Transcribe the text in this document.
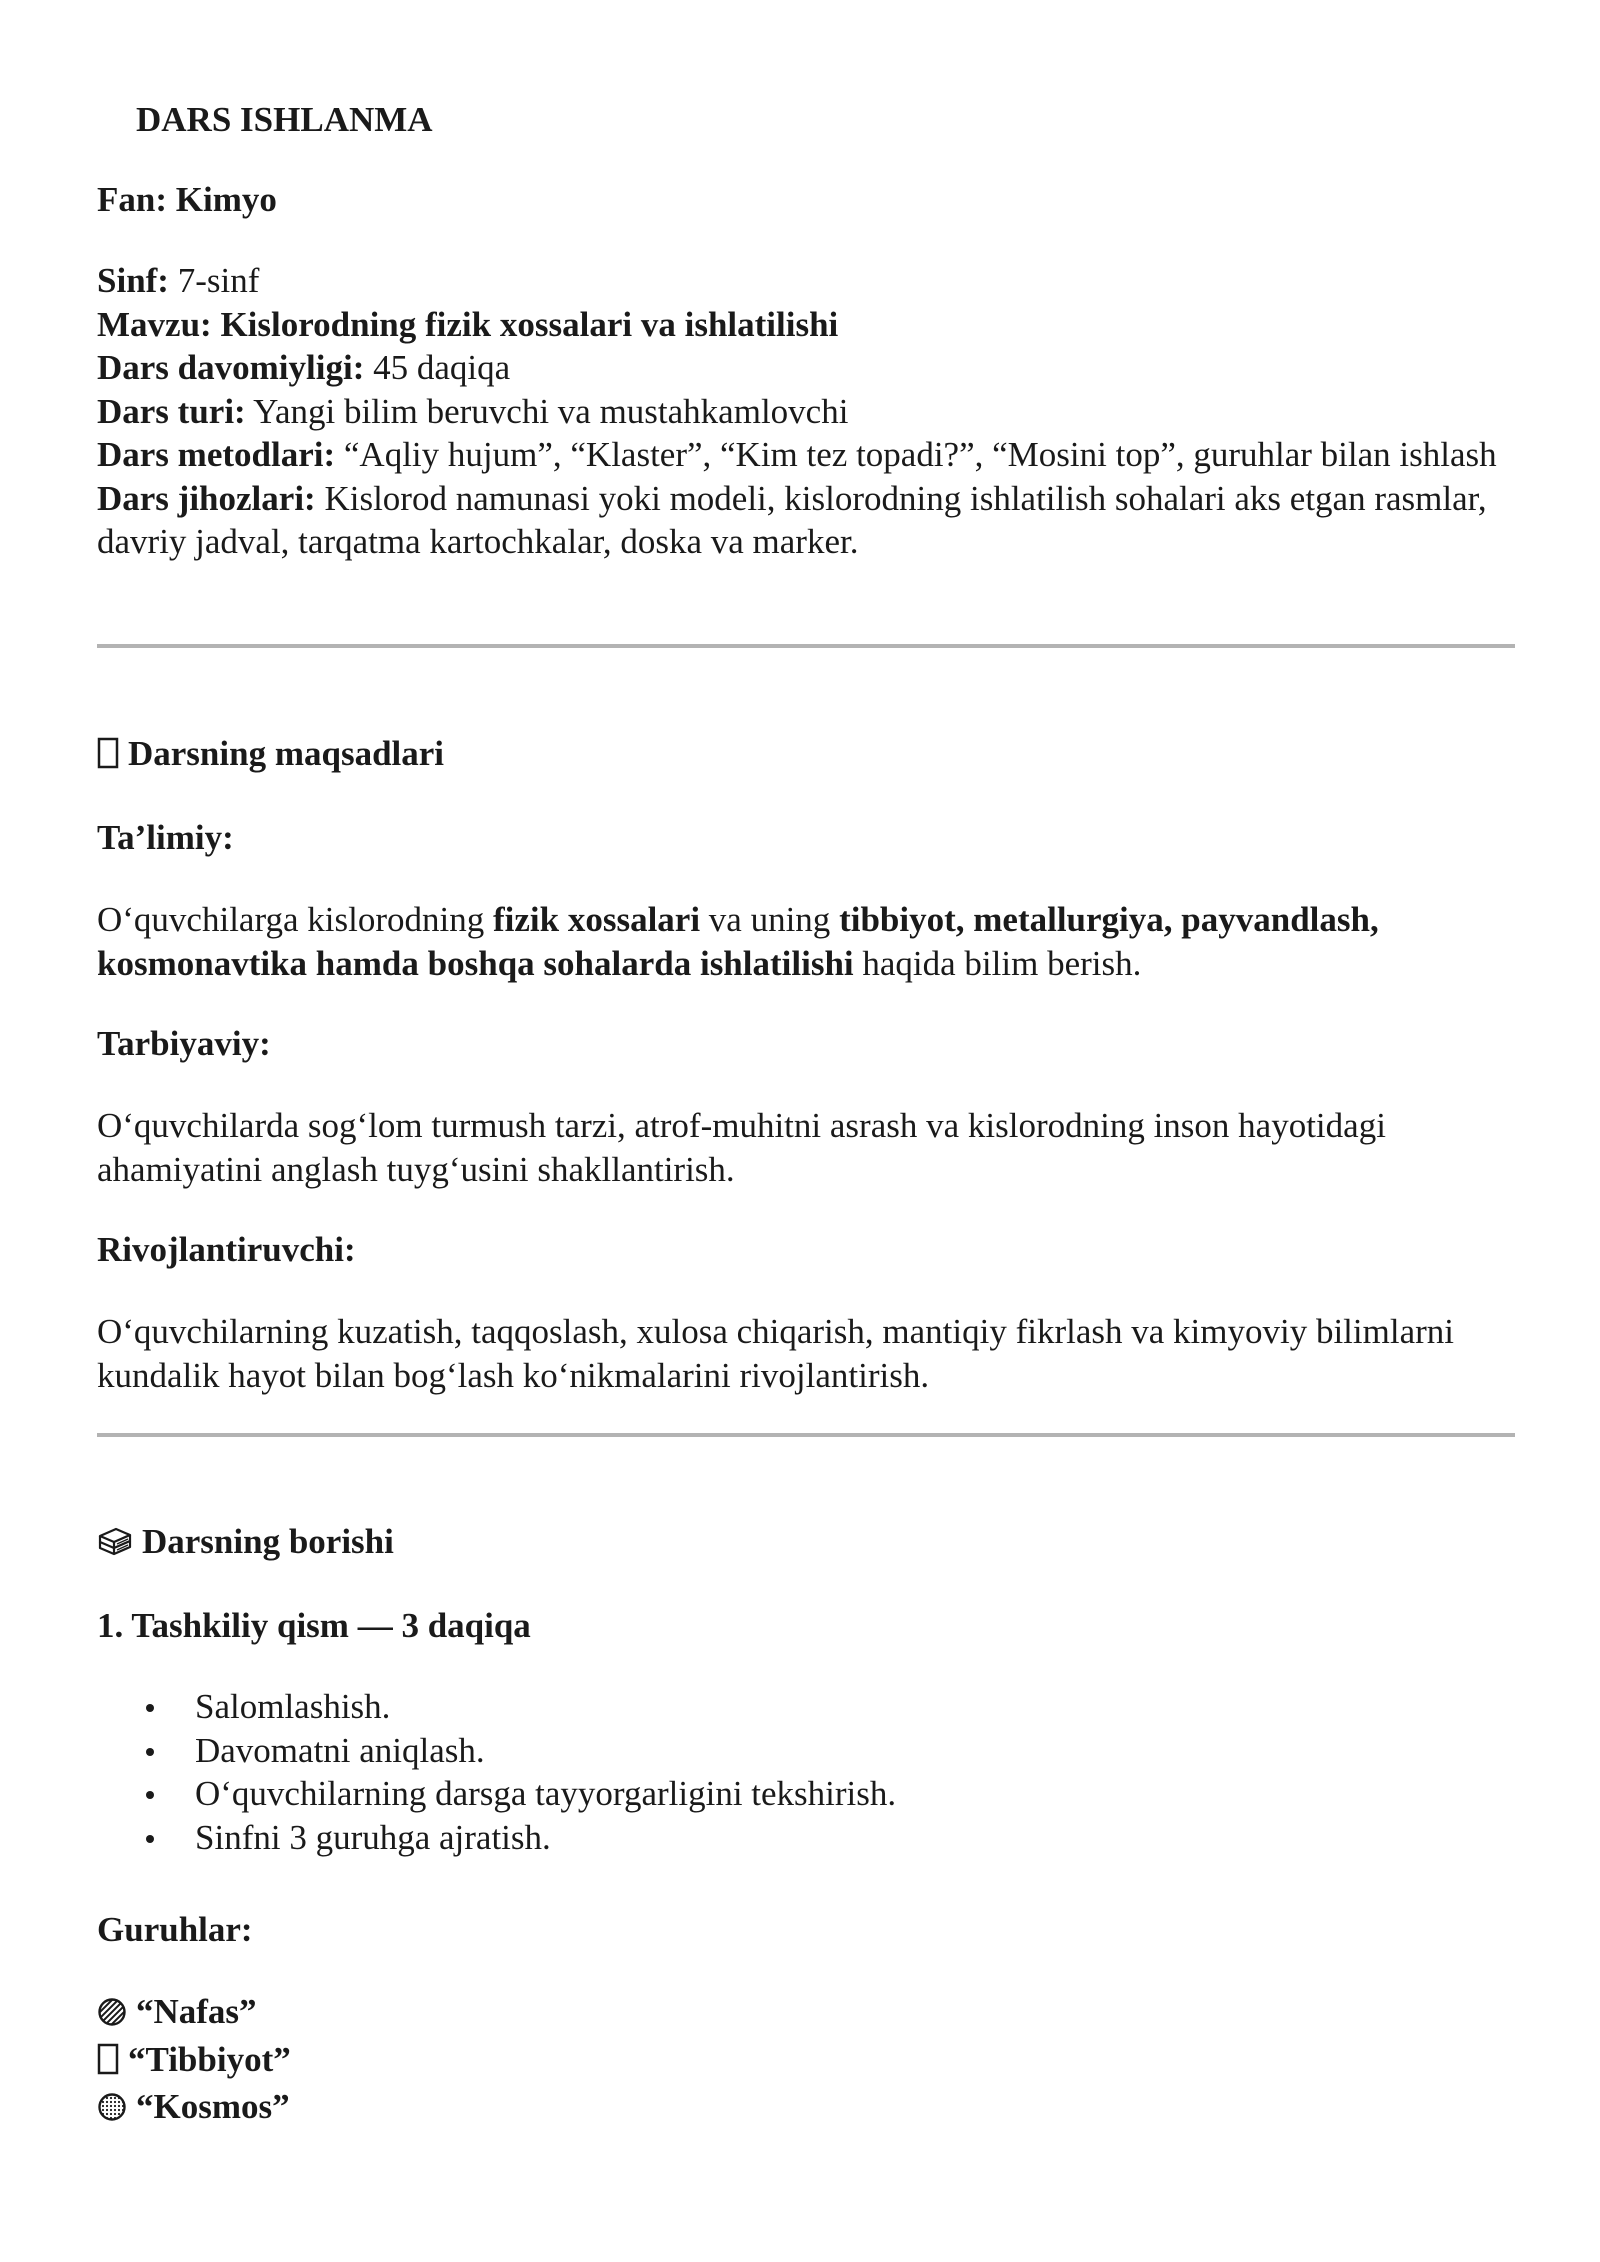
DARS ISHLANMA
Fan: Kimyo
Sinf: 7-sinf
Mavzu: Kislorodning fizik xossalari va ishlatilishi
Dars davomiyligi: 45 daqiqa
Dars turi: Yangi bilim beruvchi va mustahkamlovchi
Dars metodlari: “Aqliy hujum”, “Klaster”, “Kim tez topadi?”, “Mosini top”, guruhlar bilan ishlash
Dars jihozlari: Kislorod namunasi yoki modeli, kislorodning ishlatilish sohalari aks etgan rasmlar, davriy jadval, tarqatma kartochkalar, doska va marker.
Darsning maqsadlari
Ta’limiy:
O‘quvchilarga kislorodning fizik xossalari va uning tibbiyot, metallurgiya, payvandlash, kosmonavtika hamda boshqa sohalarda ishlatilishi haqida bilim berish.
Tarbiyaviy:
O‘quvchilarda sog‘lom turmush tarzi, atrof-muhitni asrash va kislorodning inson hayotidagi ahamiyatini anglash tuyg‘usini shakllantirish.
Rivojlantiruvchi:
O‘quvchilarning kuzatish, taqqoslash, xulosa chiqarish, mantiqiy fikrlash va kimyoviy bilimlarni kundalik hayot bilan bog‘lash ko‘nikmalarini rivojlantirish.
Darsning borishi
1. Tashkiliy qism — 3 daqiqa
Salomlashish.
Davomatni aniqlash.
O‘quvchilarning darsga tayyorgarligini tekshirish.
Sinfni 3 guruhga ajratish.
Guruhlar:
“Nafas”
“Tibbiyot”
“Kosmos”
